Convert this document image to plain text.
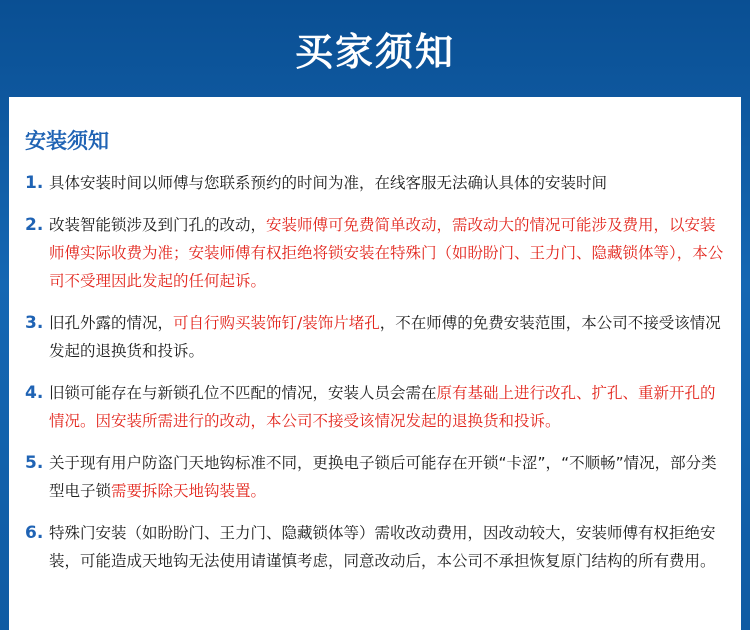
买家须知
安装须知
1. 具体安装时间以师傅与您联系预约的时间为准，在线客服无法确认具体的安装时间
2. 改装智能锁涉及到门孔的改动，安装师傅可免费简单改动，需改动大的情况可能涉及费用，以安装师傅实际收费为准；安装师傅有权拒绝将锁安装在特殊门（如盼盼门、王力门、隐藏锁体等），本公司不受理因此发起的任何起诉。
3. 旧孔外露的情况，可自行购买装饰钉/装饰片堵孔，不在师傅的免费安装范围，本公司不接受该情况发起的退换货和投诉。
4. 旧锁可能存在与新锁孔位不匹配的情况，安装人员会需在原有基础上进行改孔、扩孔、重新开孔的情况。因安装所需进行的改动，本公司不接受该情况发起的退换货和投诉。
5. 关于现有用户防盗门天地钩标准不同，更换电子锁后可能存在开锁“卡涩”，“不顺畅”情况，部分类型电子锁需要拆除天地钩装置。
6. 特殊门安装（如盼盼门、王力门、隐藏锁体等）需收改动费用，因改动较大，安装师傅有权拒绝安装，可能造成天地钩无法使用请谨慎考虑，同意改动后，本公司不承担恢复原门结构的所有费用。
